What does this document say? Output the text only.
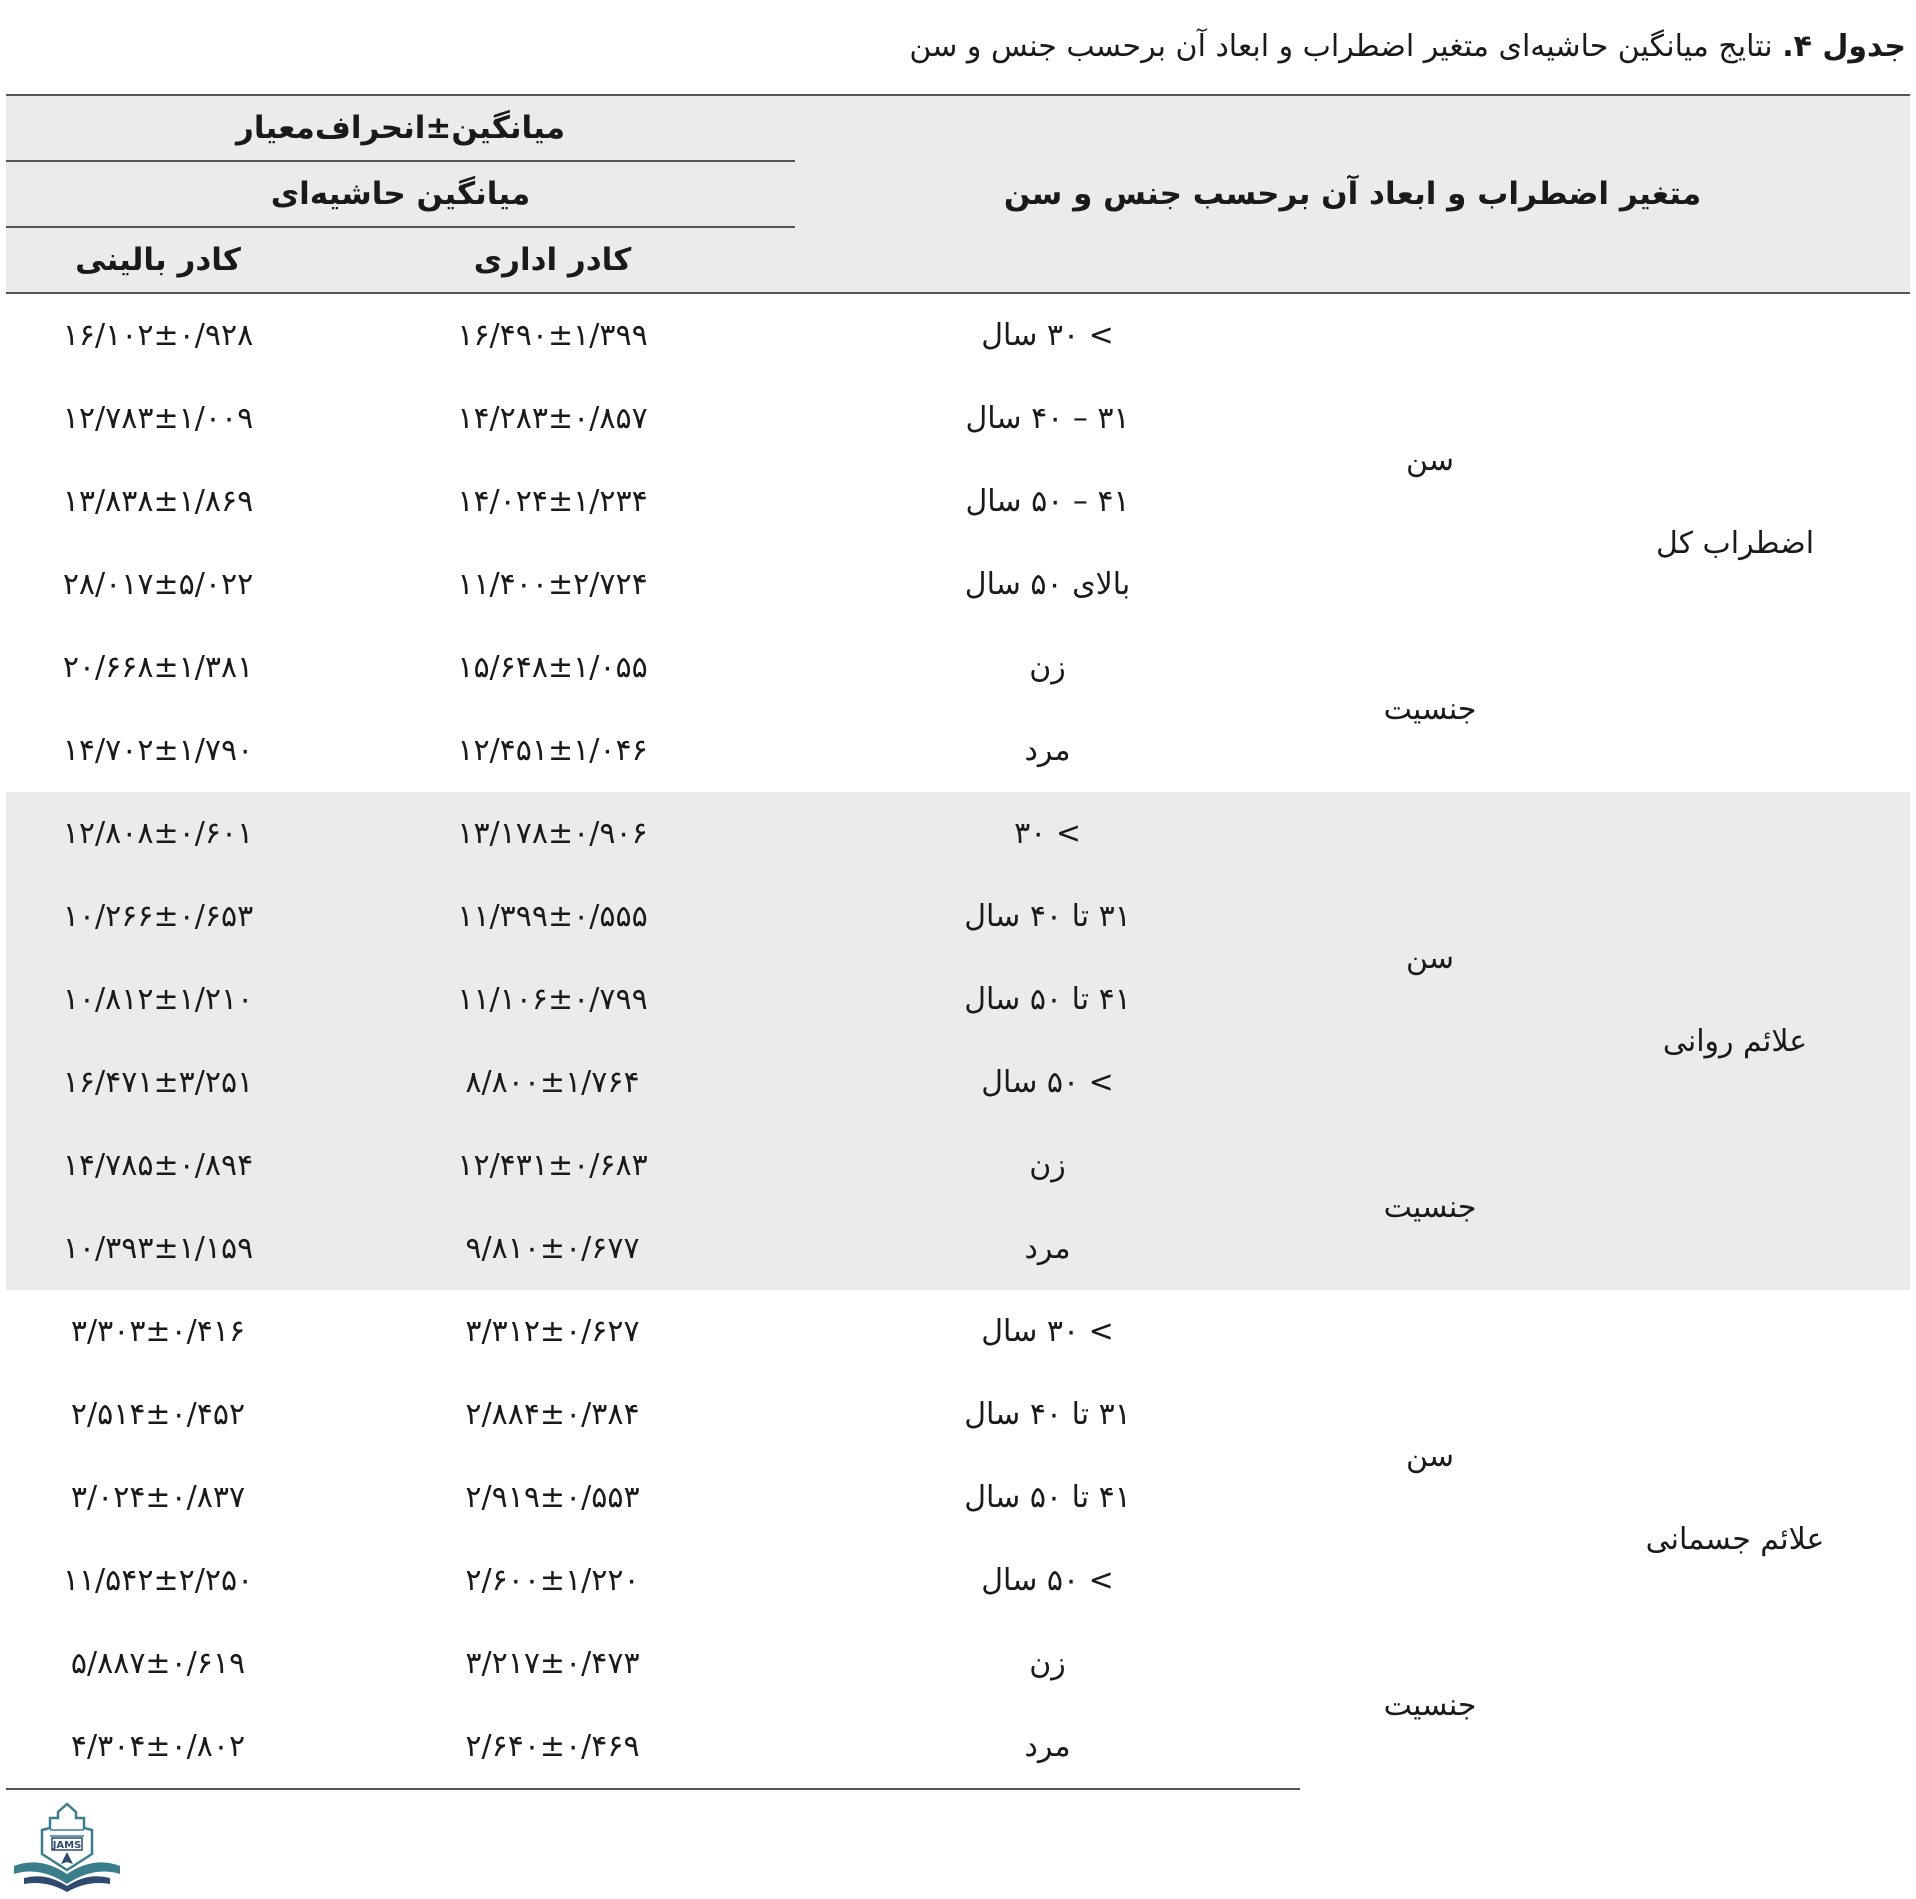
جدول ۴. نتایج میانگین حاشیه‌ای متغیر اضطراب و ابعاد آن برحسب جنس و سن
متغیر اضطراب و ابعاد آن برحسب جنس و سن			میانگین±انحراف‌معیار	
			میانگین حاشیه‌ای	
			کادر اداری	کادر بالینی
اضطراب کل	سن	> ۳۰ سال	۱۶/۴۹۰±۱/۳۹۹	۱۶/۱۰۲±۰/۹۲۸
		۳۱ – ۴۰ سال	۱۴/۲۸۳±۰/۸۵۷	۱۲/۷۸۳±۱/۰۰۹
		۴۱ – ۵۰ سال	۱۴/۰۲۴±۱/۲۳۴	۱۳/۸۳۸±۱/۸۶۹
		بالای ۵۰ سال	۱۱/۴۰۰±۲/۷۲۴	۲۸/۰۱۷±۵/۰۲۲
	جنسیت	زن	۱۵/۶۴۸±۱/۰۵۵	۲۰/۶۶۸±۱/۳۸۱
		مرد	۱۲/۴۵۱±۱/۰۴۶	۱۴/۷۰۲±۱/۷۹۰
علائم روانی	سن	> ۳۰	۱۳/۱۷۸±۰/۹۰۶	۱۲/۸۰۸±۰/۶۰۱
		۳۱ تا ۴۰ سال	۱۱/۳۹۹±۰/۵۵۵	۱۰/۲۶۶±۰/۶۵۳
		۴۱ تا ۵۰ سال	۱۱/۱۰۶±۰/۷۹۹	۱۰/۸۱۲±۱/۲۱۰
		> ۵۰ سال	۸/۸۰۰±۱/۷۶۴	۱۶/۴۷۱±۳/۲۵۱
	جنسیت	زن	۱۲/۴۳۱±۰/۶۸۳	۱۴/۷۸۵±۰/۸۹۴
		مرد	۹/۸۱۰±۰/۶۷۷	۱۰/۳۹۳±۱/۱۵۹
علائم جسمانی	سن	> ۳۰ سال	۳/۳۱۲±۰/۶۲۷	۳/۳۰۳±۰/۴۱۶
		۳۱ تا ۴۰ سال	۲/۸۸۴±۰/۳۸۴	۲/۵۱۴±۰/۴۵۲
		۴۱ تا ۵۰ سال	۲/۹۱۹±۰/۵۵۳	۳/۰۲۴±۰/۸۳۷
		> ۵۰ سال	۲/۶۰۰±۱/۲۲۰	۱۱/۵۴۲±۲/۲۵۰
	جنسیت	زن	۳/۲۱۷±۰/۴۷۳	۵/۸۸۷±۰/۶۱۹
		مرد	۲/۶۴۰±۰/۴۶۹	۴/۳۰۴±۰/۸۰۲
JAMS
